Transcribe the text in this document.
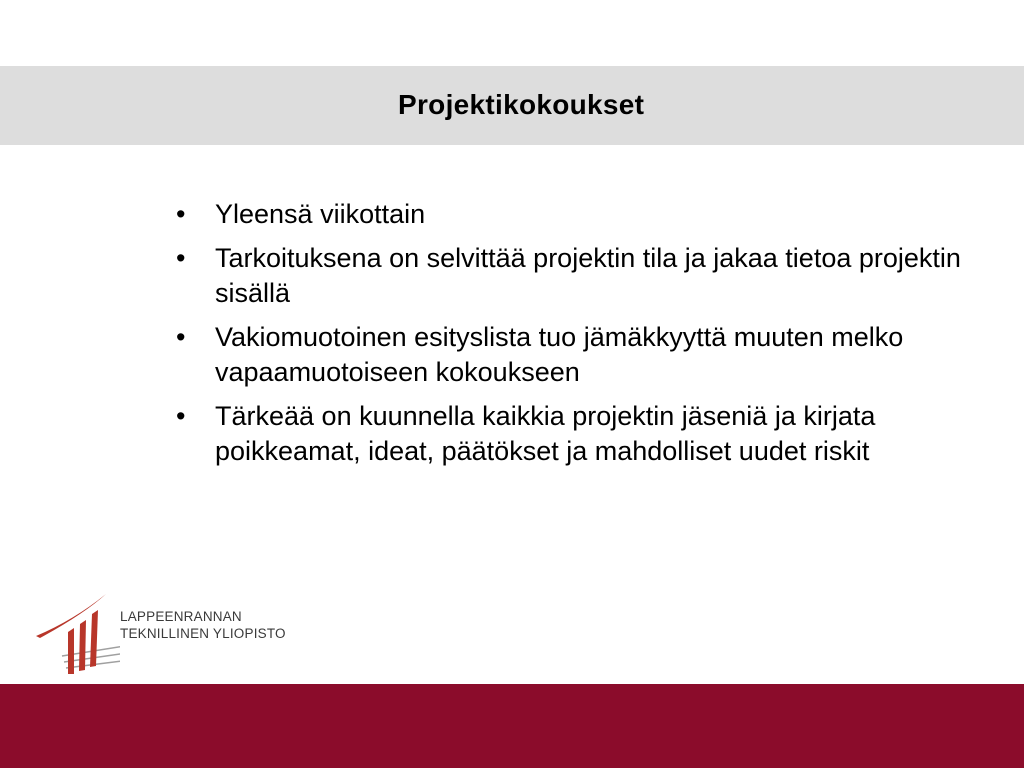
Projektikokoukset
•	Yleensä viikottain
•	Tarkoituksena on selvittää projektin tila ja jakaa tietoa projektin sisällä
•	Vakiomuotoinen esityslista tuo jämäkkyyttä muuten melko vapaamuotoiseen kokoukseen
•	Tärkeää on kuunnella kaikkia projektin jäseniä ja kirjata poikkeamat, ideat, päätökset ja mahdolliset uudet riskit
LAPPEENRANNAN
TEKNILLINEN YLIOPISTO
